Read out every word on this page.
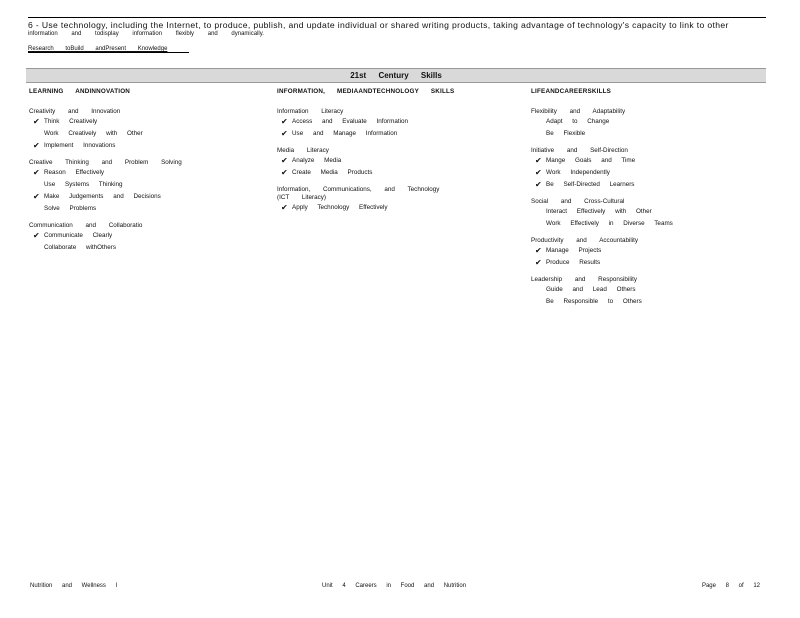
6 - Use technology, including the Internet, to produce, publish, and update individual or shared writing products, taking advantage of technology's capacity to link to other
information and todisplay information flexibly and dynamically.
Research toBuild andPresent Knowledge
21st Century Skills
LEARNING ANDINNOVATION
Creativity and Innovation
✔ Think Creatively
Work Creatively with Other
✔ Implement Innovations
Creative Thinking and Problem Solving
✔ Reason Effectively
Use Systems Thinking
✔ Make Judgements and Decisions
Solve Problems
Communication and Collaboratio
✔ Communicate Clearly
Collaborate withOthers
INFORMATION, MEDIAANDTECHNOLOGY SKILLS
Information Literacy
✔ Access and Evaluate Information
✔ Use and Manage Information
Media Literacy
✔ Analyze Media
✔ Create Media Products
Information, Communications, and Technology
(ICT Literacy)
✔ Apply Technology Effectively
LIFEANDCAREERSKILLS
Flexibility and Adaptability
Adapt to Change
Be Flexible
Initiative and Self-Direction
✔ Mange Goals and Time
✔ Work Independently
✔ Be Self-Directed Learners
Social and Cross-Cultural
Interact Effectively with Other
Work Effectively in Diverse Teams
Productivity and Accountability
✔ Manage Projects
✔ Produce Results
Leadership and Responsibility
Guide and Lead Others
Be Responsible to Others
Nutrition and Wellness I	Unit 4 Careers in Food and Nutrition	Page 8 of 12
